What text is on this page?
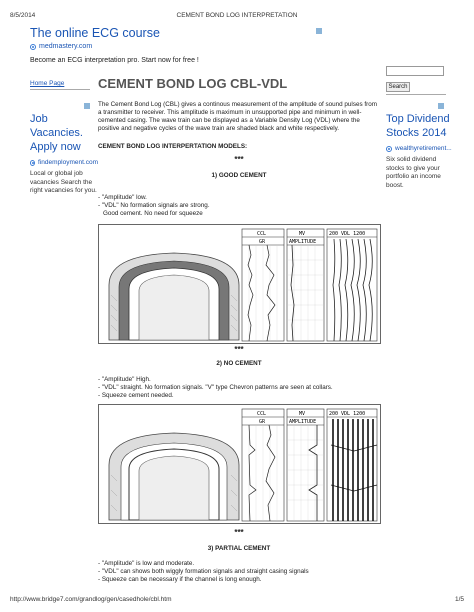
8/5/2014	CEMENT BOND LOG INTERPRETATION
The online ECG course
medmastery.com
Become an ECG interpretation pro. Start now for free !
Home Page	Search
Job Vacancies. Apply now
findemployment.com
Local or global job vacancies Search the right vacancies for you.
Top Dividend Stocks 2014
wealthyretirement...
Six solid dividend stocks to give your portfolio an income boost.
CEMENT BOND LOG CBL-VDL
The Cement Bond Log (CBL) gives a continous measurement of the amplitude of sound pulses from a transmitter to receiver. This amplitude is maximum in unsupported pipe and minimum in well-cemented casing. The wave train can be displayed as a Variable Density Log (VDL) where the positive and negative cycles of the wave train are shaded black and white respectively.
CEMENT BOND LOG INTERPERTATION MODELS:
***
1) GOOD CEMENT
- "Amplitude" low.
- "VDL" No formation signals are strong.
Good cement. No need for squeeze
CCL
GR
MV
AMPLITUDE
200 VDL 1200
***
2) NO CEMENT
- "Amplitude" High.
- "VDL" straight. No formation signals. "V" type Chevron patterns are seen at collars.
- Squeeze cement needed.
CCL
GR
MV
AMPLITUDE
200 VDL 1200
***
3) PARTIAL CEMENT
- "Amplitude" is low and moderate.
- "VDL" can shows both wiggly formation signals and straight casing signals
- Squeeze can be necessary if the channel is long enough.
http://www.bridge7.com/grandlog/gen/casedhole/cbl.htm	1/5
